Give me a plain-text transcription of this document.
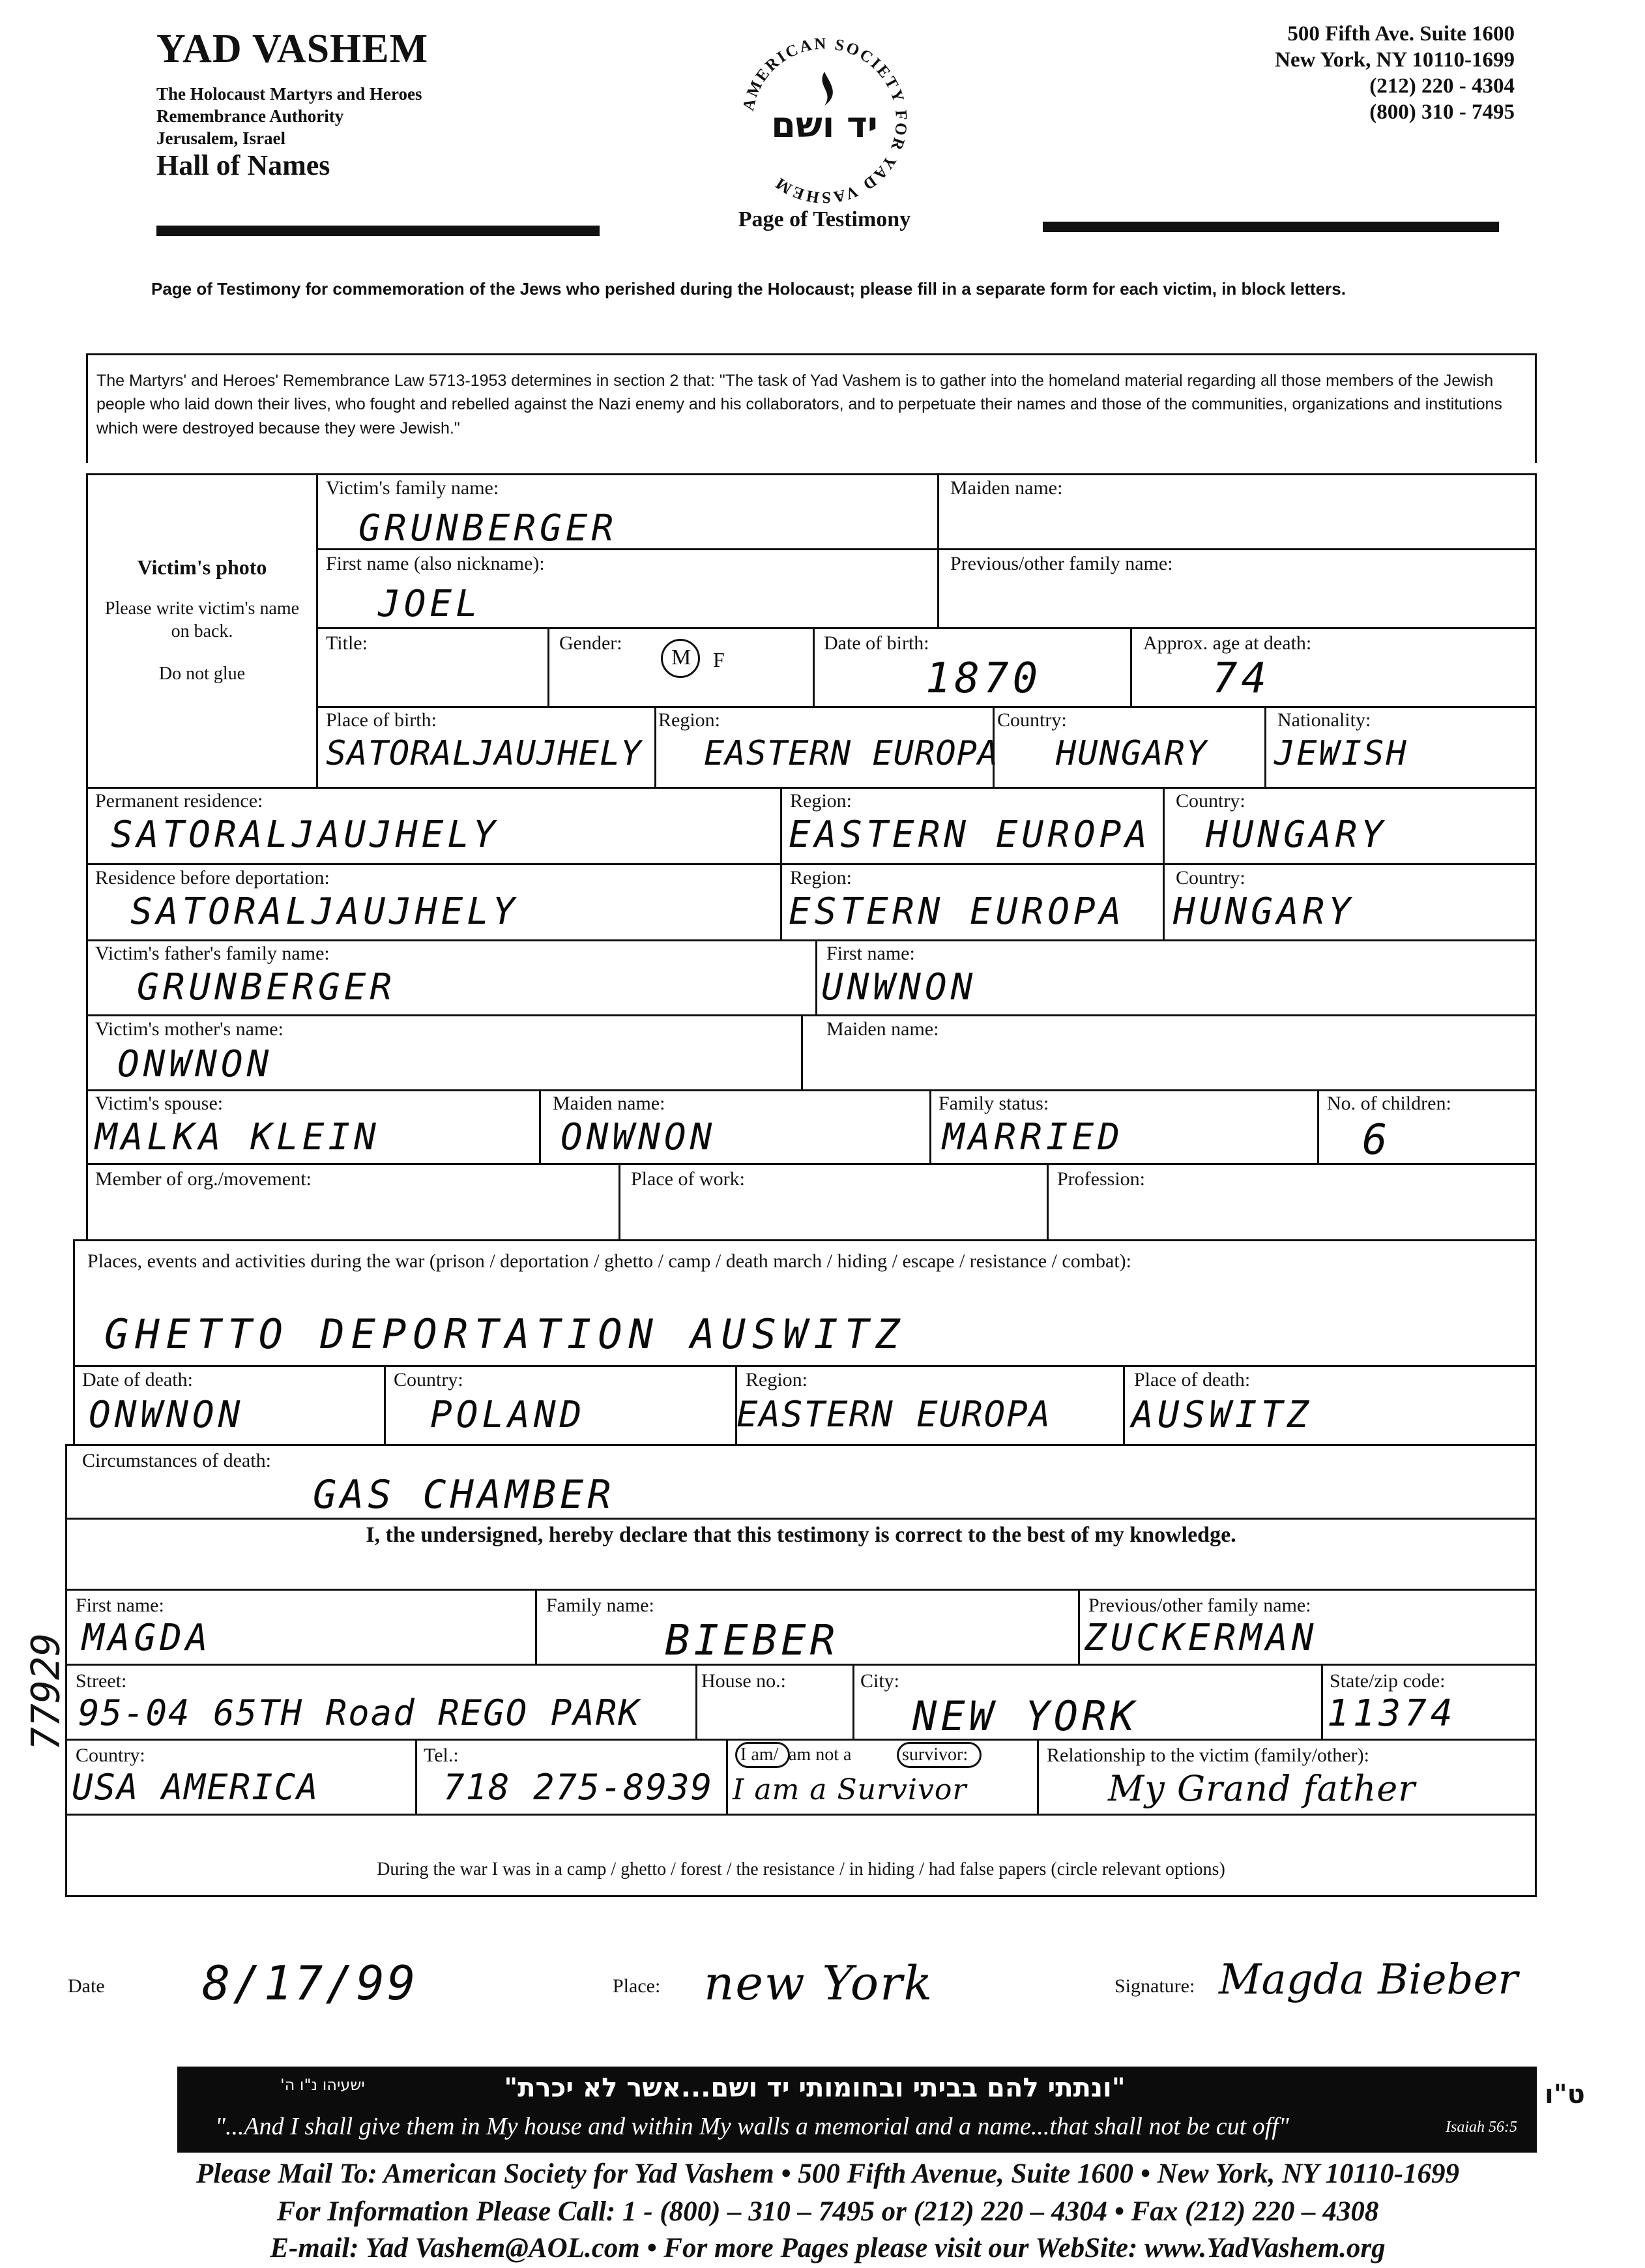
YAD VASHEM
The Holocaust Martyrs and Heroes
Remembrance Authority
Jerusalem, Israel
Hall of Names
500 Fifth Ave. Suite 1600
New York, NY 10110-1699
(212) 220 - 4304
(800) 310 - 7495
AMERICAN SOCIETY FOR YAD VASHEM
יד ושם
Page of Testimony
Page of Testimony for commemoration of the Jews who perished during the Holocaust; please fill in a separate form for each victim, in block letters.
The Martyrs' and Heroes' Remembrance Law 5713-1953 determines in section 2 that: "The task of Yad Vashem is to gather into the homeland material regarding all those members of the Jewish people who laid down their lives, who fought and rebelled against the Nazi enemy and his collaborators, and to perpetuate their names and those of the communities, organizations and institutions which were destroyed because they were Jewish."
Victim's photo
Please write victim's name on back.
Do not glue
Victim's family name:
GRUNBERGER
Maiden name:
First name (also nickname):
JOEL
Previous/other family name:
Title:	Gender:
M F
Date of birth:
1870
Approx. age at death:
74
Place of birth:
SATORALJAUJHELY
Region:
EASTERN EUROPA
Country:
HUNGARY
Nationality:
JEWISH
Permanent residence:
SATORALJAUJHELY
Region:
EASTERN EUROPA
Country:
HUNGARY
Residence before deportation:
SATORALJAUJHELY
Region:
ESTERN EUROPA
Country:
HUNGARY
Victim's father's family name:
GRUNBERGER
First name:
UNWNON
Victim's mother's name:
ONWNON
Maiden name:
Victim's spouse:
MALKA KLEIN
Maiden name:
ONWNON
Family status:
MARRIED
No. of children:
6
Member of org./movement:	Place of work:	Profession:
Places, events and activities during the war (prison / deportation / ghetto / camp / death march / hiding / escape / resistance / combat):
GHETTO DEPORTATION AUSWITZ
Date of death:
ONWNON
Country:
POLAND
Region:
EASTERN EUROPA
Place of death:
AUSWITZ
Circumstances of death:
GAS CHAMBER
I, the undersigned, hereby declare that this testimony is correct to the best of my knowledge.
First name:
MAGDA
Family name:
BIEBER
Previous/other family name:
ZUCKERMAN
Street:
95-04 65TH Road REGO PARK
House no.:	City:
NEW YORK
State/zip code:
11374
Country:
USA AMERICA
Tel.:
718 275-8939
I am/ am not a	survivor:
I am a Survivor
Relationship to the victim (family/other):
My Grand father
During the war I was in a camp / ghetto / forest / the resistance / in hiding / had false papers (circle relevant options)
Date 8/17/99	Place: new York	Signature: Magda Bieber
"ונתתי להם בביתי ובחומותי יד ושם...אשר לא יכרת"
ישעיהו נ"ו ה'
"...And I shall give them in My house and within My walls a memorial and a name...that shall not be cut off"	Isaiah 56:5
ט"ו
Please Mail To: American Society for Yad Vashem • 500 Fifth Avenue, Suite 1600 • New York, NY 10110-1699
For Information Please Call: 1 - (800) – 310 – 7495 or (212) 220 – 4304 • Fax (212) 220 – 4308
E-mail: Yad Vashem@AOL.com • For more Pages please visit our WebSite: www.YadVashem.org
77929
